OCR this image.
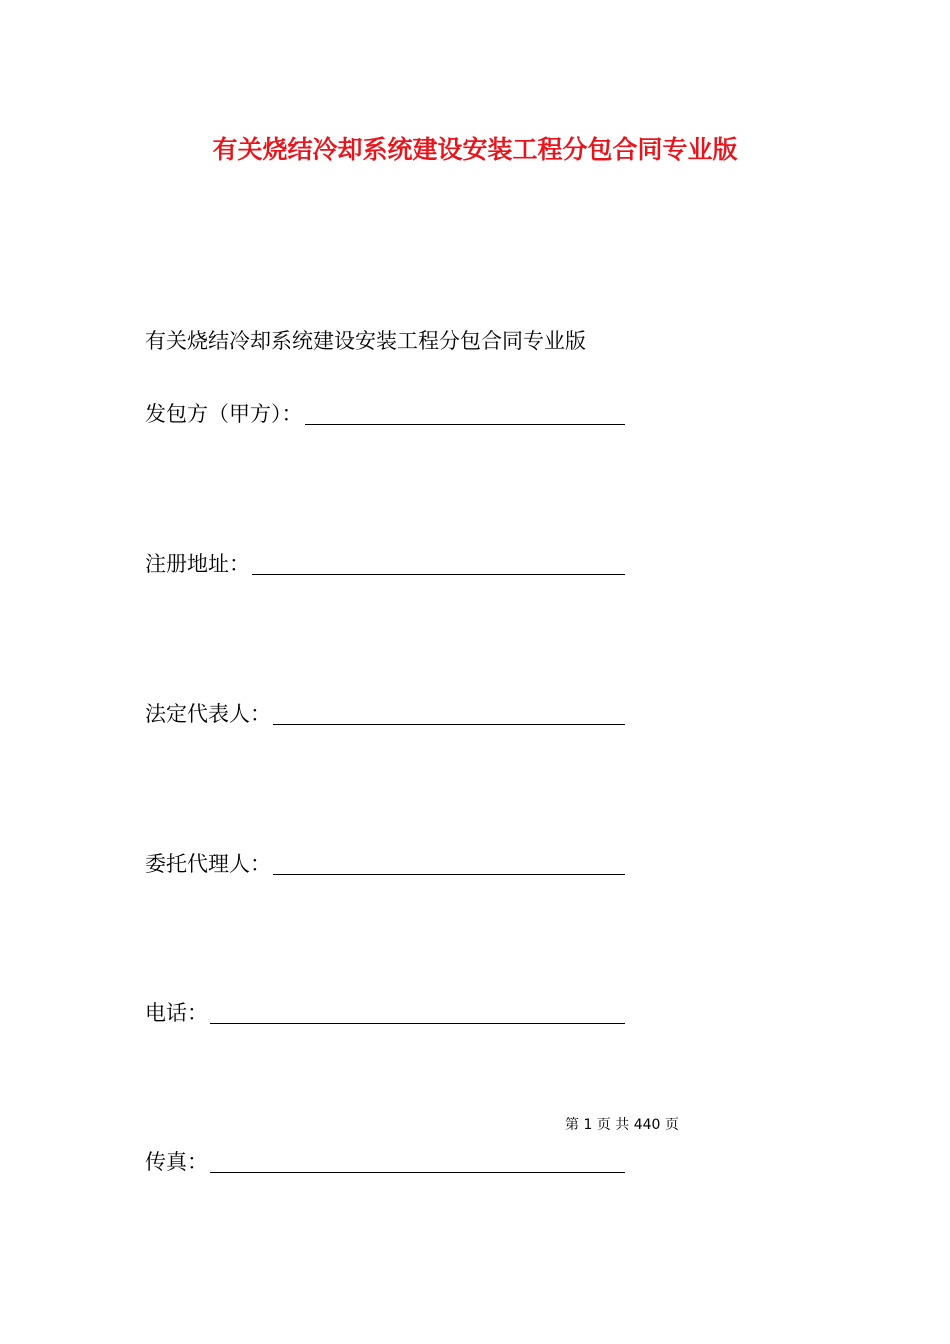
有关烧结冷却系统建设安装工程分包合同专业版
有关烧结冷却系统建设安装工程分包合同专业版
发包方（甲方）：
注册地址：
法定代表人：
委托代理人：
电话：
第 1 页 共 440 页
传真：
